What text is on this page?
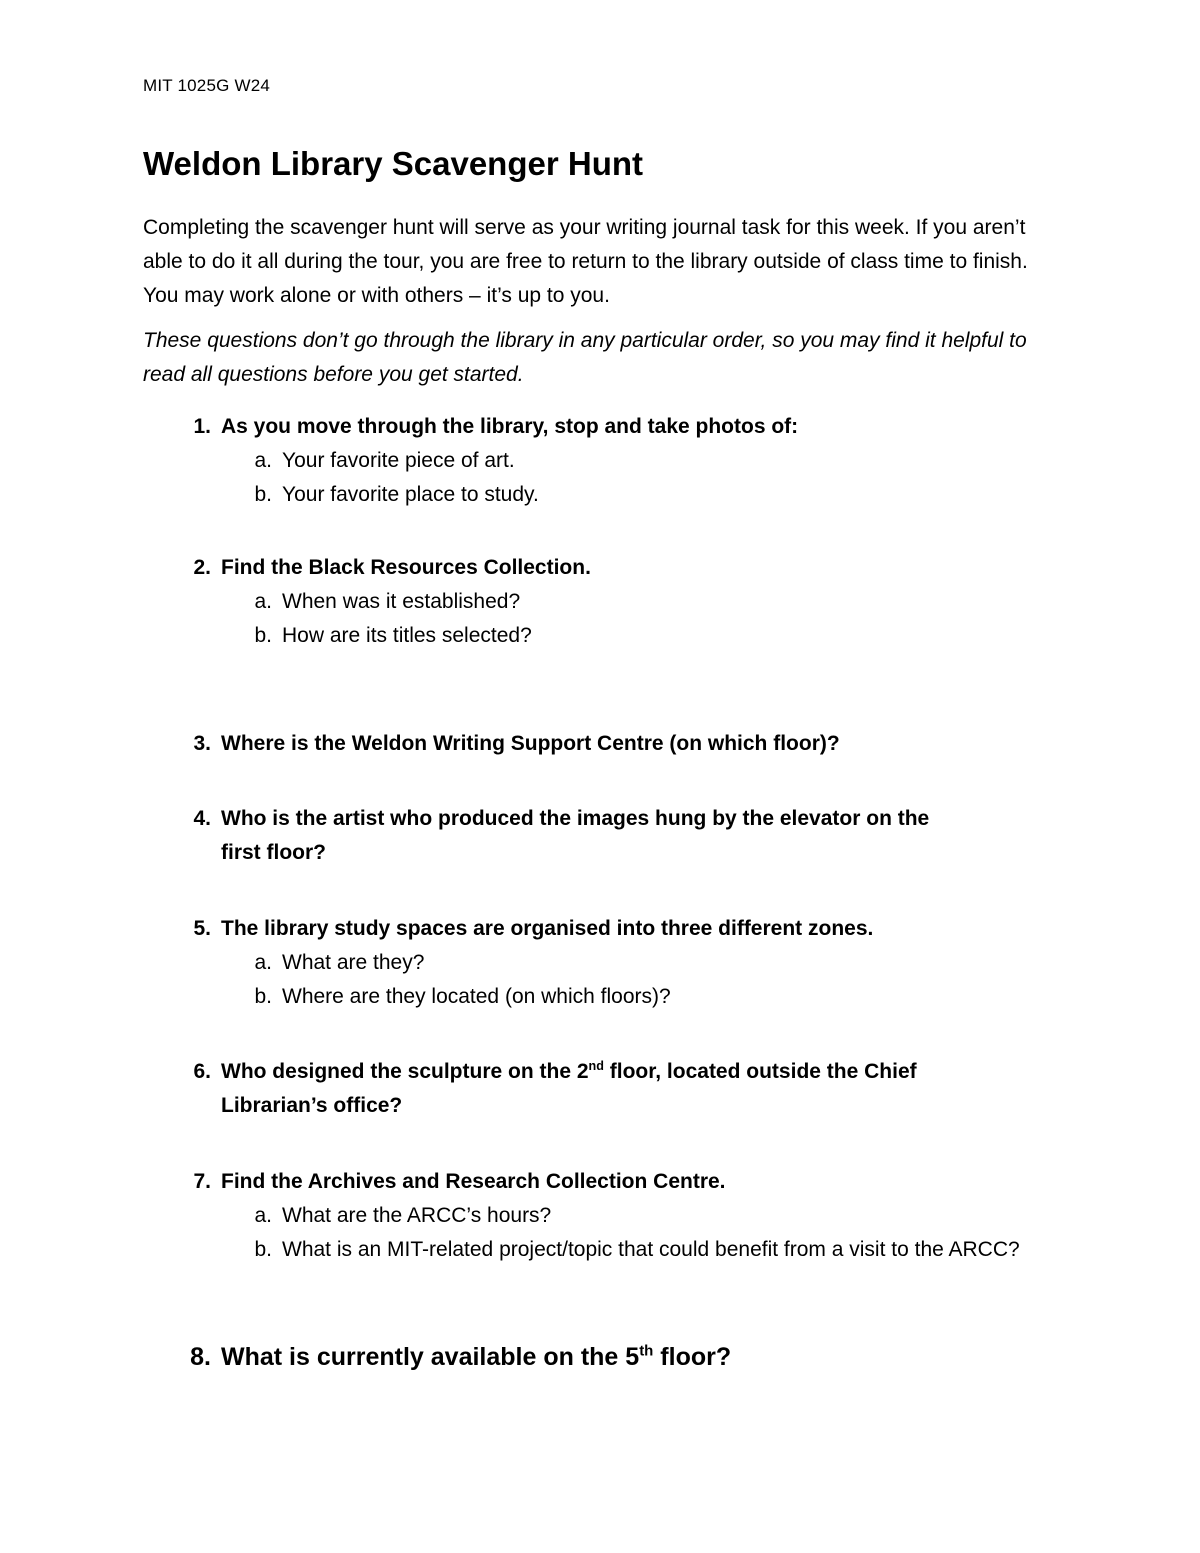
MIT 1025G W24
Weldon Library Scavenger Hunt

Completing the scavenger hunt will serve as your writing journal task for this week. If you aren’t able to do it all during the tour, you are free to return to the library outside of class time to finish. You may work alone or with others – it’s up to you.

These questions don’t go through the library in any particular order, so you may find it helpful to read all questions before you get started.

1. As you move through the library, stop and take photos of:
a. Your favorite piece of art.
b. Your favorite place to study.
2. Find the Black Resources Collection.
a. When was it established?
b. How are its titles selected?
3. Where is the Weldon Writing Support Centre (on which floor)?
4. Who is the artist who produced the images hung by the elevator on the
first floor?
5. The library study spaces are organised into three different zones.
a. What are they?
b. Where are they located (on which floors)?
6. Who designed the sculpture on the 2nd floor, located outside the Chief
Librarian’s office?
7. Find the Archives and Research Collection Centre.
a. What are the ARCC’s hours?
b. What is an MIT-related project/topic that could benefit from a visit to the ARCC?
8. What is currently available on the 5th floor?
